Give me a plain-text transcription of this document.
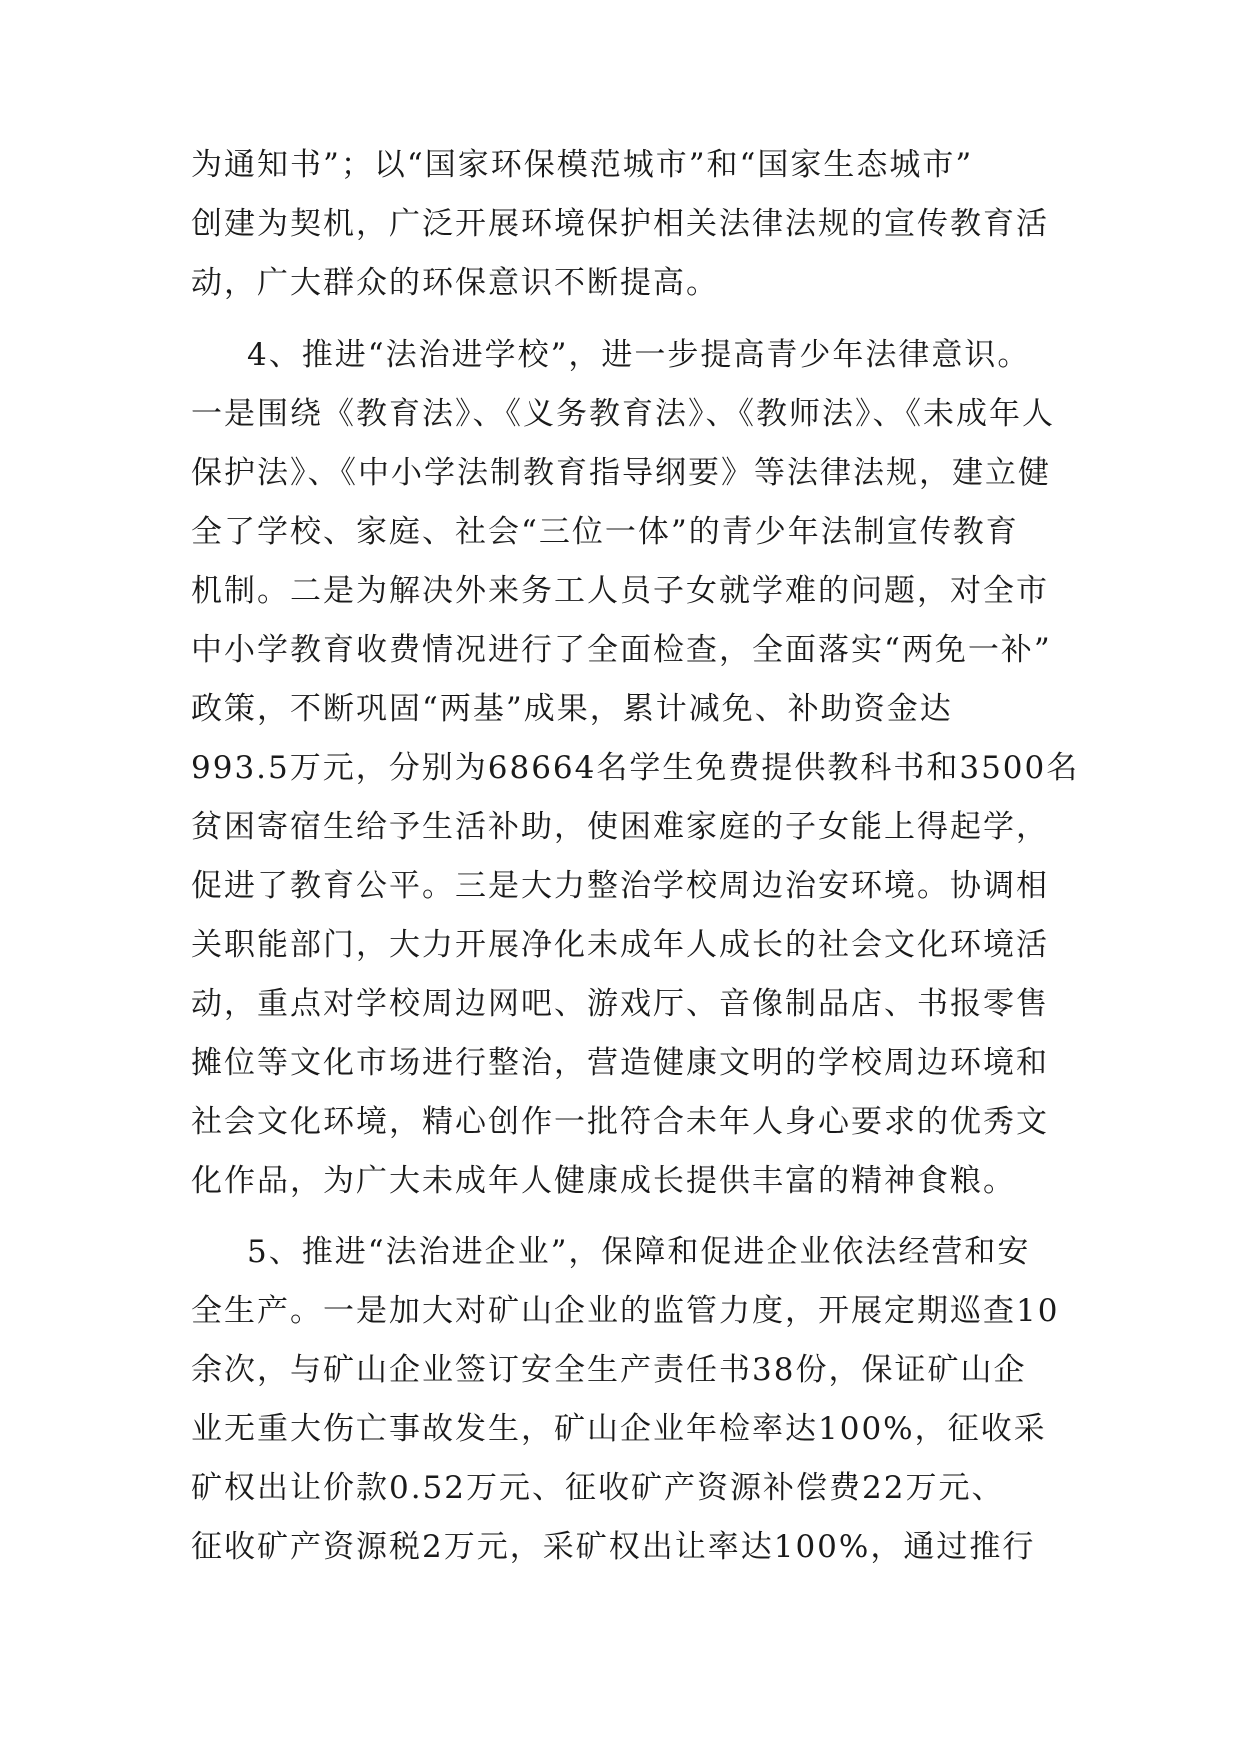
为通知书”；以“国家环保模范城市”和“国家生态城市”
创建为契机，广泛开展环境保护相关法律法规的宣传教育活
动，广大群众的环保意识不断提高。
4、推进“法治进学校”，进一步提高青少年法律意识。
一是围绕《教育法》、《义务教育法》、《教师法》、《未成年人
保护法》、《中小学法制教育指导纲要》等法律法规，建立健
全了学校、家庭、社会“三位一体”的青少年法制宣传教育
机制。二是为解决外来务工人员子女就学难的问题，对全市
中小学教育收费情况进行了全面检查，全面落实“两免一补”
政策，不断巩固“两基”成果，累计减免、补助资金达
993.5万元，分别为68664名学生免费提供教科书和3500名
贫困寄宿生给予生活补助，使困难家庭的子女能上得起学，
促进了教育公平。三是大力整治学校周边治安环境。协调相
关职能部门，大力开展净化未成年人成长的社会文化环境活
动，重点对学校周边网吧、游戏厅、音像制品店、书报零售
摊位等文化市场进行整治，营造健康文明的学校周边环境和
社会文化环境，精心创作一批符合未年人身心要求的优秀文
化作品，为广大未成年人健康成长提供丰富的精神食粮。
5、推进“法治进企业”，保障和促进企业依法经营和安
全生产。一是加大对矿山企业的监管力度，开展定期巡查10
余次，与矿山企业签订安全生产责任书38份，保证矿山企
业无重大伤亡事故发生，矿山企业年检率达100%，征收采
矿权出让价款0.52万元、征收矿产资源补偿费22万元、
征收矿产资源税2万元，采矿权出让率达100%，通过推行
